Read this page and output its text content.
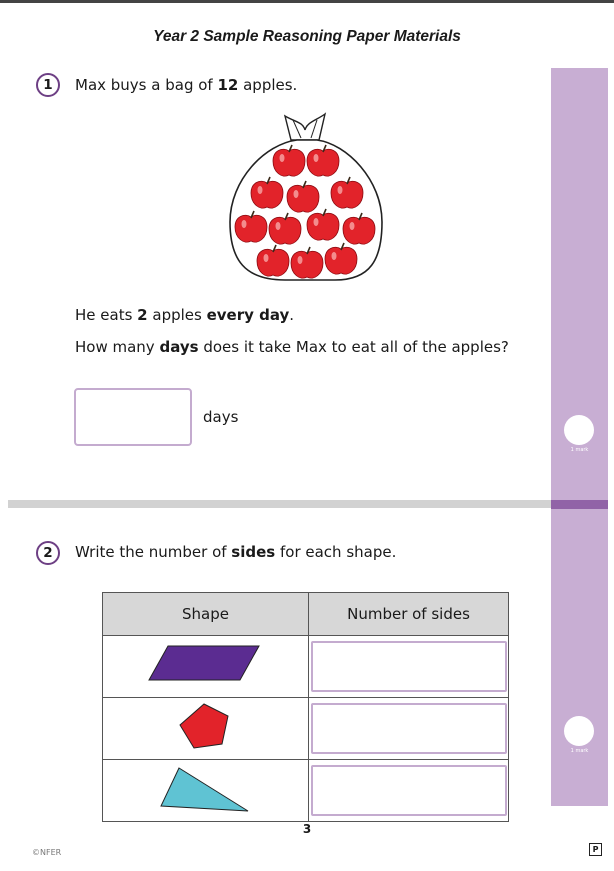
Year 2 Sample Reasoning Paper Materials
1	Max buys a bag of 12 apples.
He eats 2 apples every day.
How many days does it take Max to eat all of the apples?
days
1 mark
2	Write the number of sides for each shape.
Shape	Number of sides

1 mark
3
©NFER	P
